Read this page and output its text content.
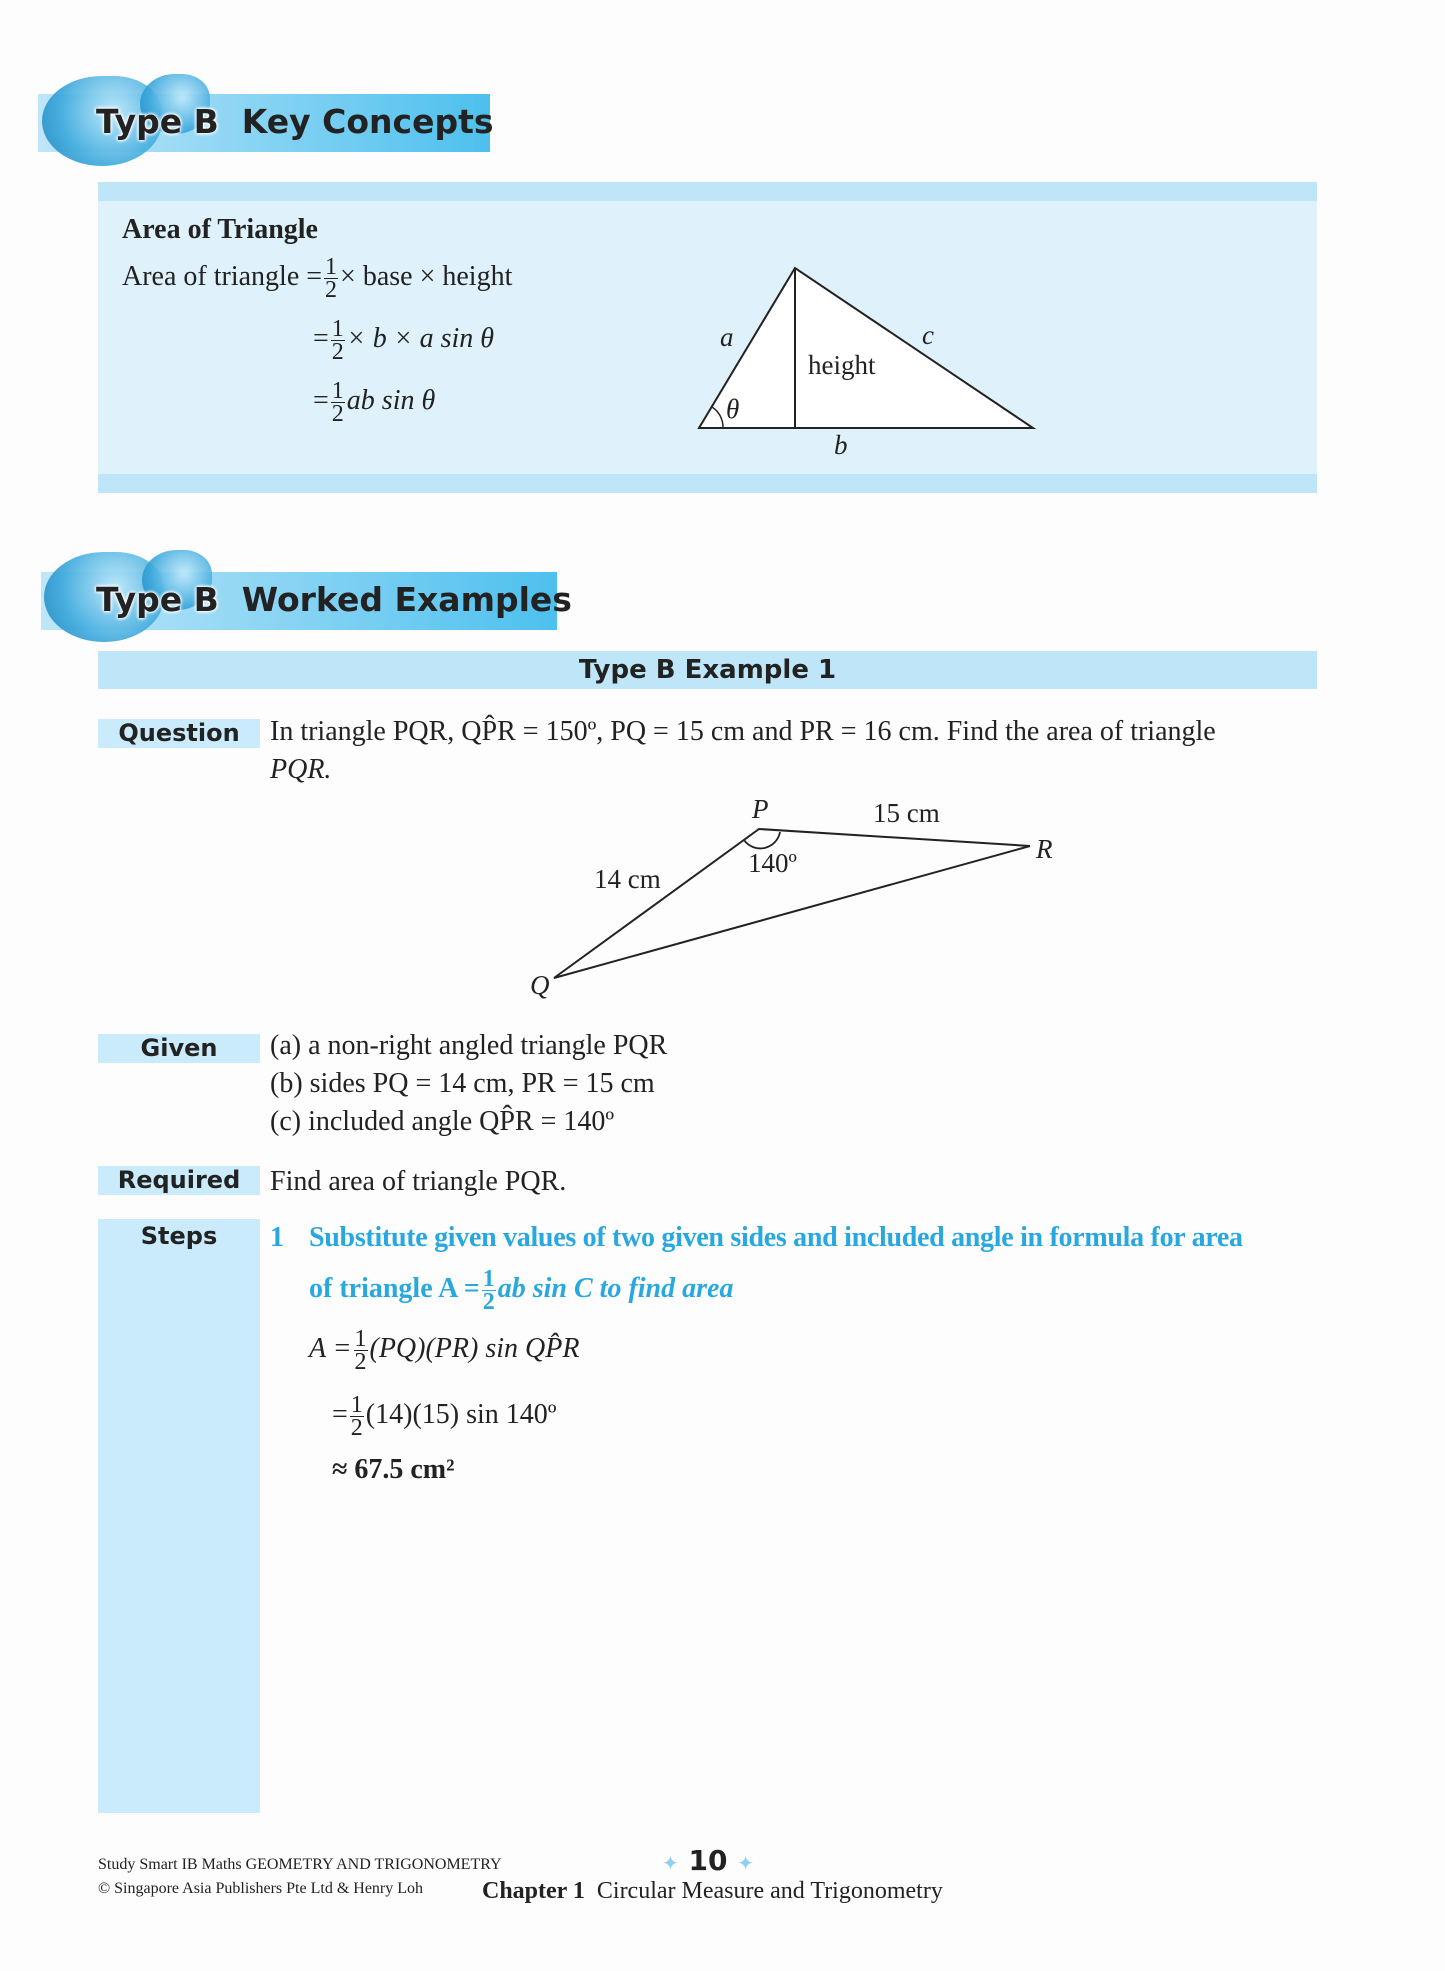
Type B Key Concepts
Area of Triangle
Area of triangle = $\frac{1}{2}$ × base × height
= $\frac{1}{2} \times b \times a$ sin θ
= $\frac{1}{2}$ ab sin θ
a	c
height
θ
b
Type B Worked Examples
Type B Example 1
Question	In triangle PQR, QP̂R = 150º, PQ = 15 cm and PR = 16 cm. Find the area of triangle
PQR.
P
R
Q
15 cm
14 cm
140º
Given	(a) a non-right angled triangle PQR
(b) sides PQ = 14 cm, PR = 15 cm
(c) included angle QP̂R = 140º
Required	Find area of triangle PQR.
Steps	1 Substitute given values of two given sides and included angle in formula for area
of triangle $A = \frac{1}{2}$ ab sin C to find area
$A = \frac{1}{2} (PQ)(PR)$ sin QP̂R
= $\frac{1}{2} (14)(15)$ sin 140º
≈ 67.5 cm²
Study Smart IB Maths GEOMETRY AND TRIGONOMETRY
© Singapore Asia Publishers Pte Ltd & Henry Loh
✦ 10 ✦
Chapter 1 Circular Measure and Trigonometry
